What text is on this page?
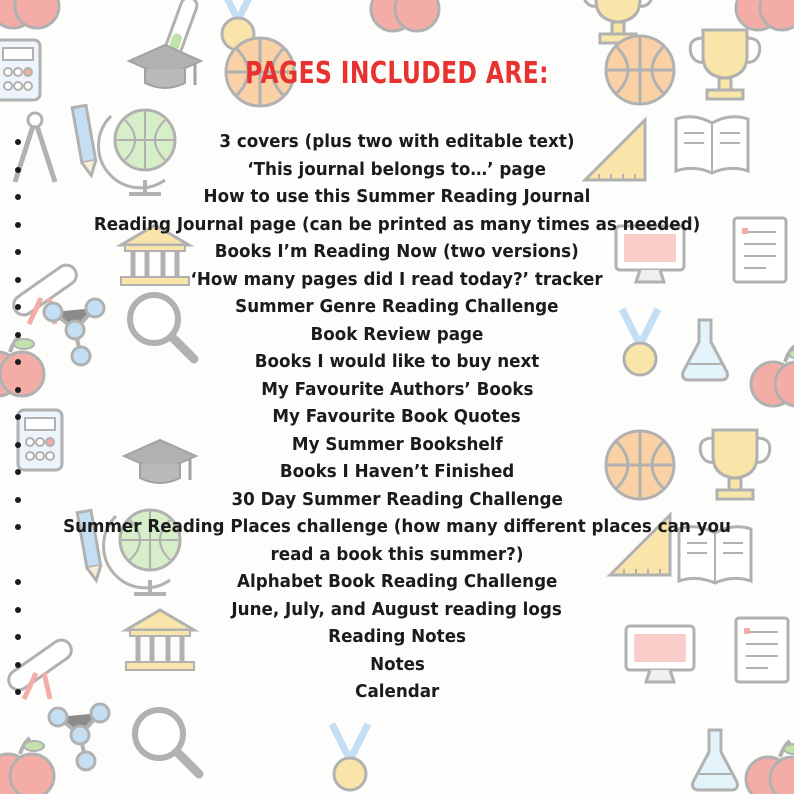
PAGES INCLUDED ARE:
3 covers (plus two with editable text)
‘This journal belongs to…’ page
How to use this Summer Reading Journal
Reading Journal page (can be printed as many times as needed)
Books I’m Reading Now (two versions)
‘How many pages did I read today?’ tracker
Summer Genre Reading Challenge
Book Review page
Books I would like to buy next
My Favourite Authors’ Books
My Favourite Book Quotes
My Summer Bookshelf
Books I Haven’t Finished
30 Day Summer Reading Challenge
Summer Reading Places challenge (how many different places can you read a book this summer?)
Alphabet Book Reading Challenge
June, July, and August reading logs
Reading Notes
Notes
Calendar
